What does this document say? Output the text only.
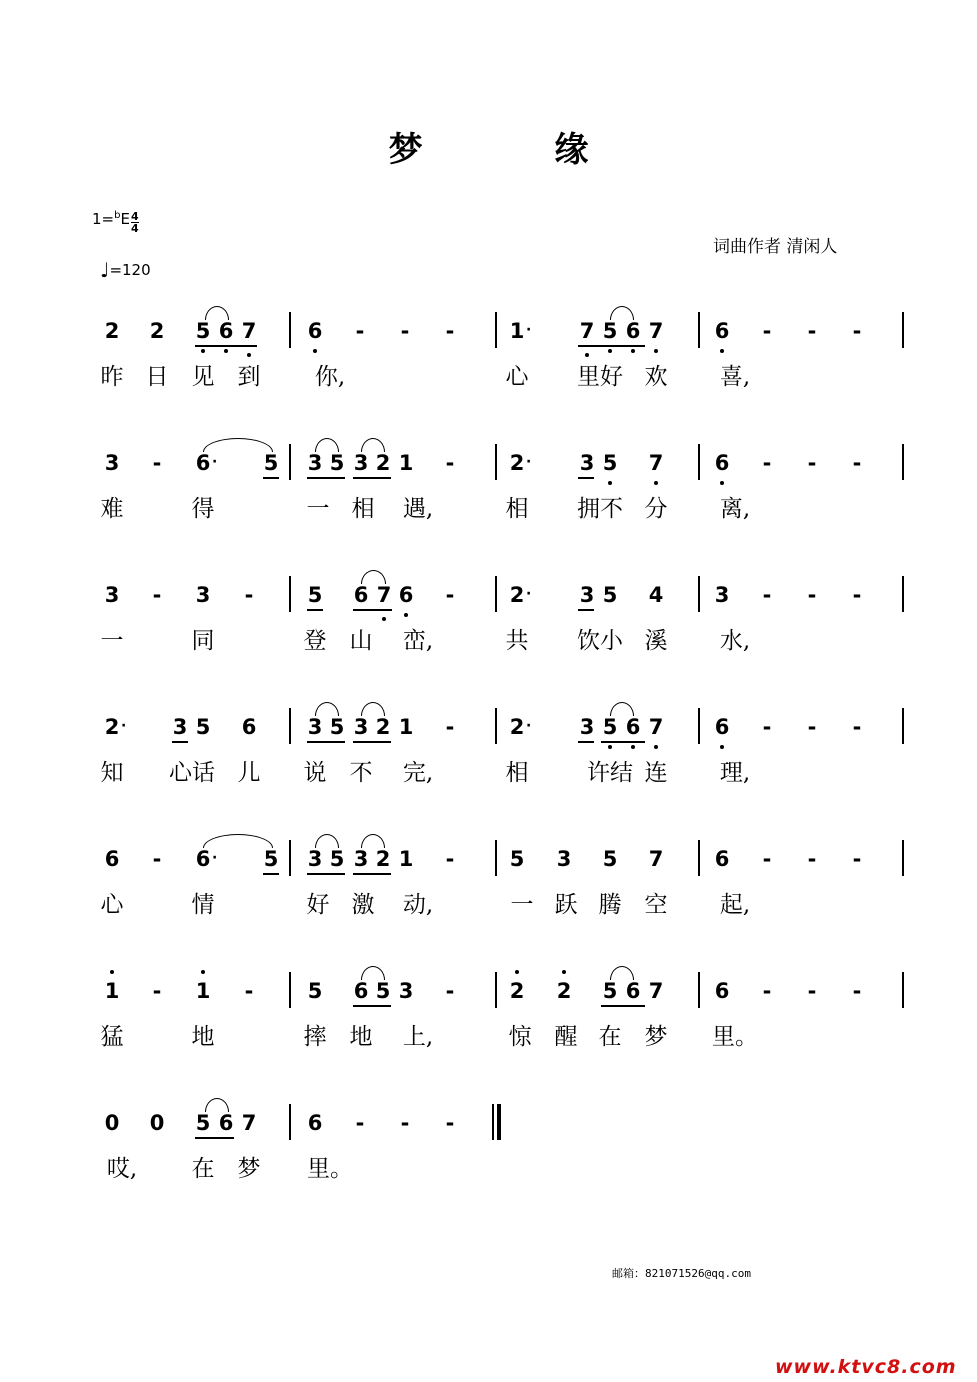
梦 缘
$1=^bE \frac{4}{4}$
♩=120
词曲作者 清闲人
2 2 5 6 7 6 - - -	1 · 7 5 6 7 6 - - -
昨 日 见 到 你,	心 里好 欢 喜,
3 - 6 · 5 3 5 3 2 1 -	2 · 3 5 7 6 - - -
难	得	一 相 遇,	相 拥不 分 离,
3 - 3 -	5 6 7 6 -	2 · 3 5 4 3 - - -
一	同	登 山 峦,	共 饮小 溪 水,
2 · 3 5 6 3 5 3 2 1 -	2 · 3 5 6 7 6 - - -
知 心话 儿 说 不 完,	相	许结 连 理,
6 - 6 · 5 3 5 3 2 1 -	5 3 5 7 6 - - -
心	情	好 激 动,	一 跃 腾 空 起,
1 - 1 -	5 6 5 3 -	2 2 5 6 7 6 - - -
猛	地	摔 地 上,	惊 醒 在 梦 里。
0 0 5 6 7 6 - - -
哎, 在 梦 里。
邮箱：821071526@qq.com
www.ktvc8.com
